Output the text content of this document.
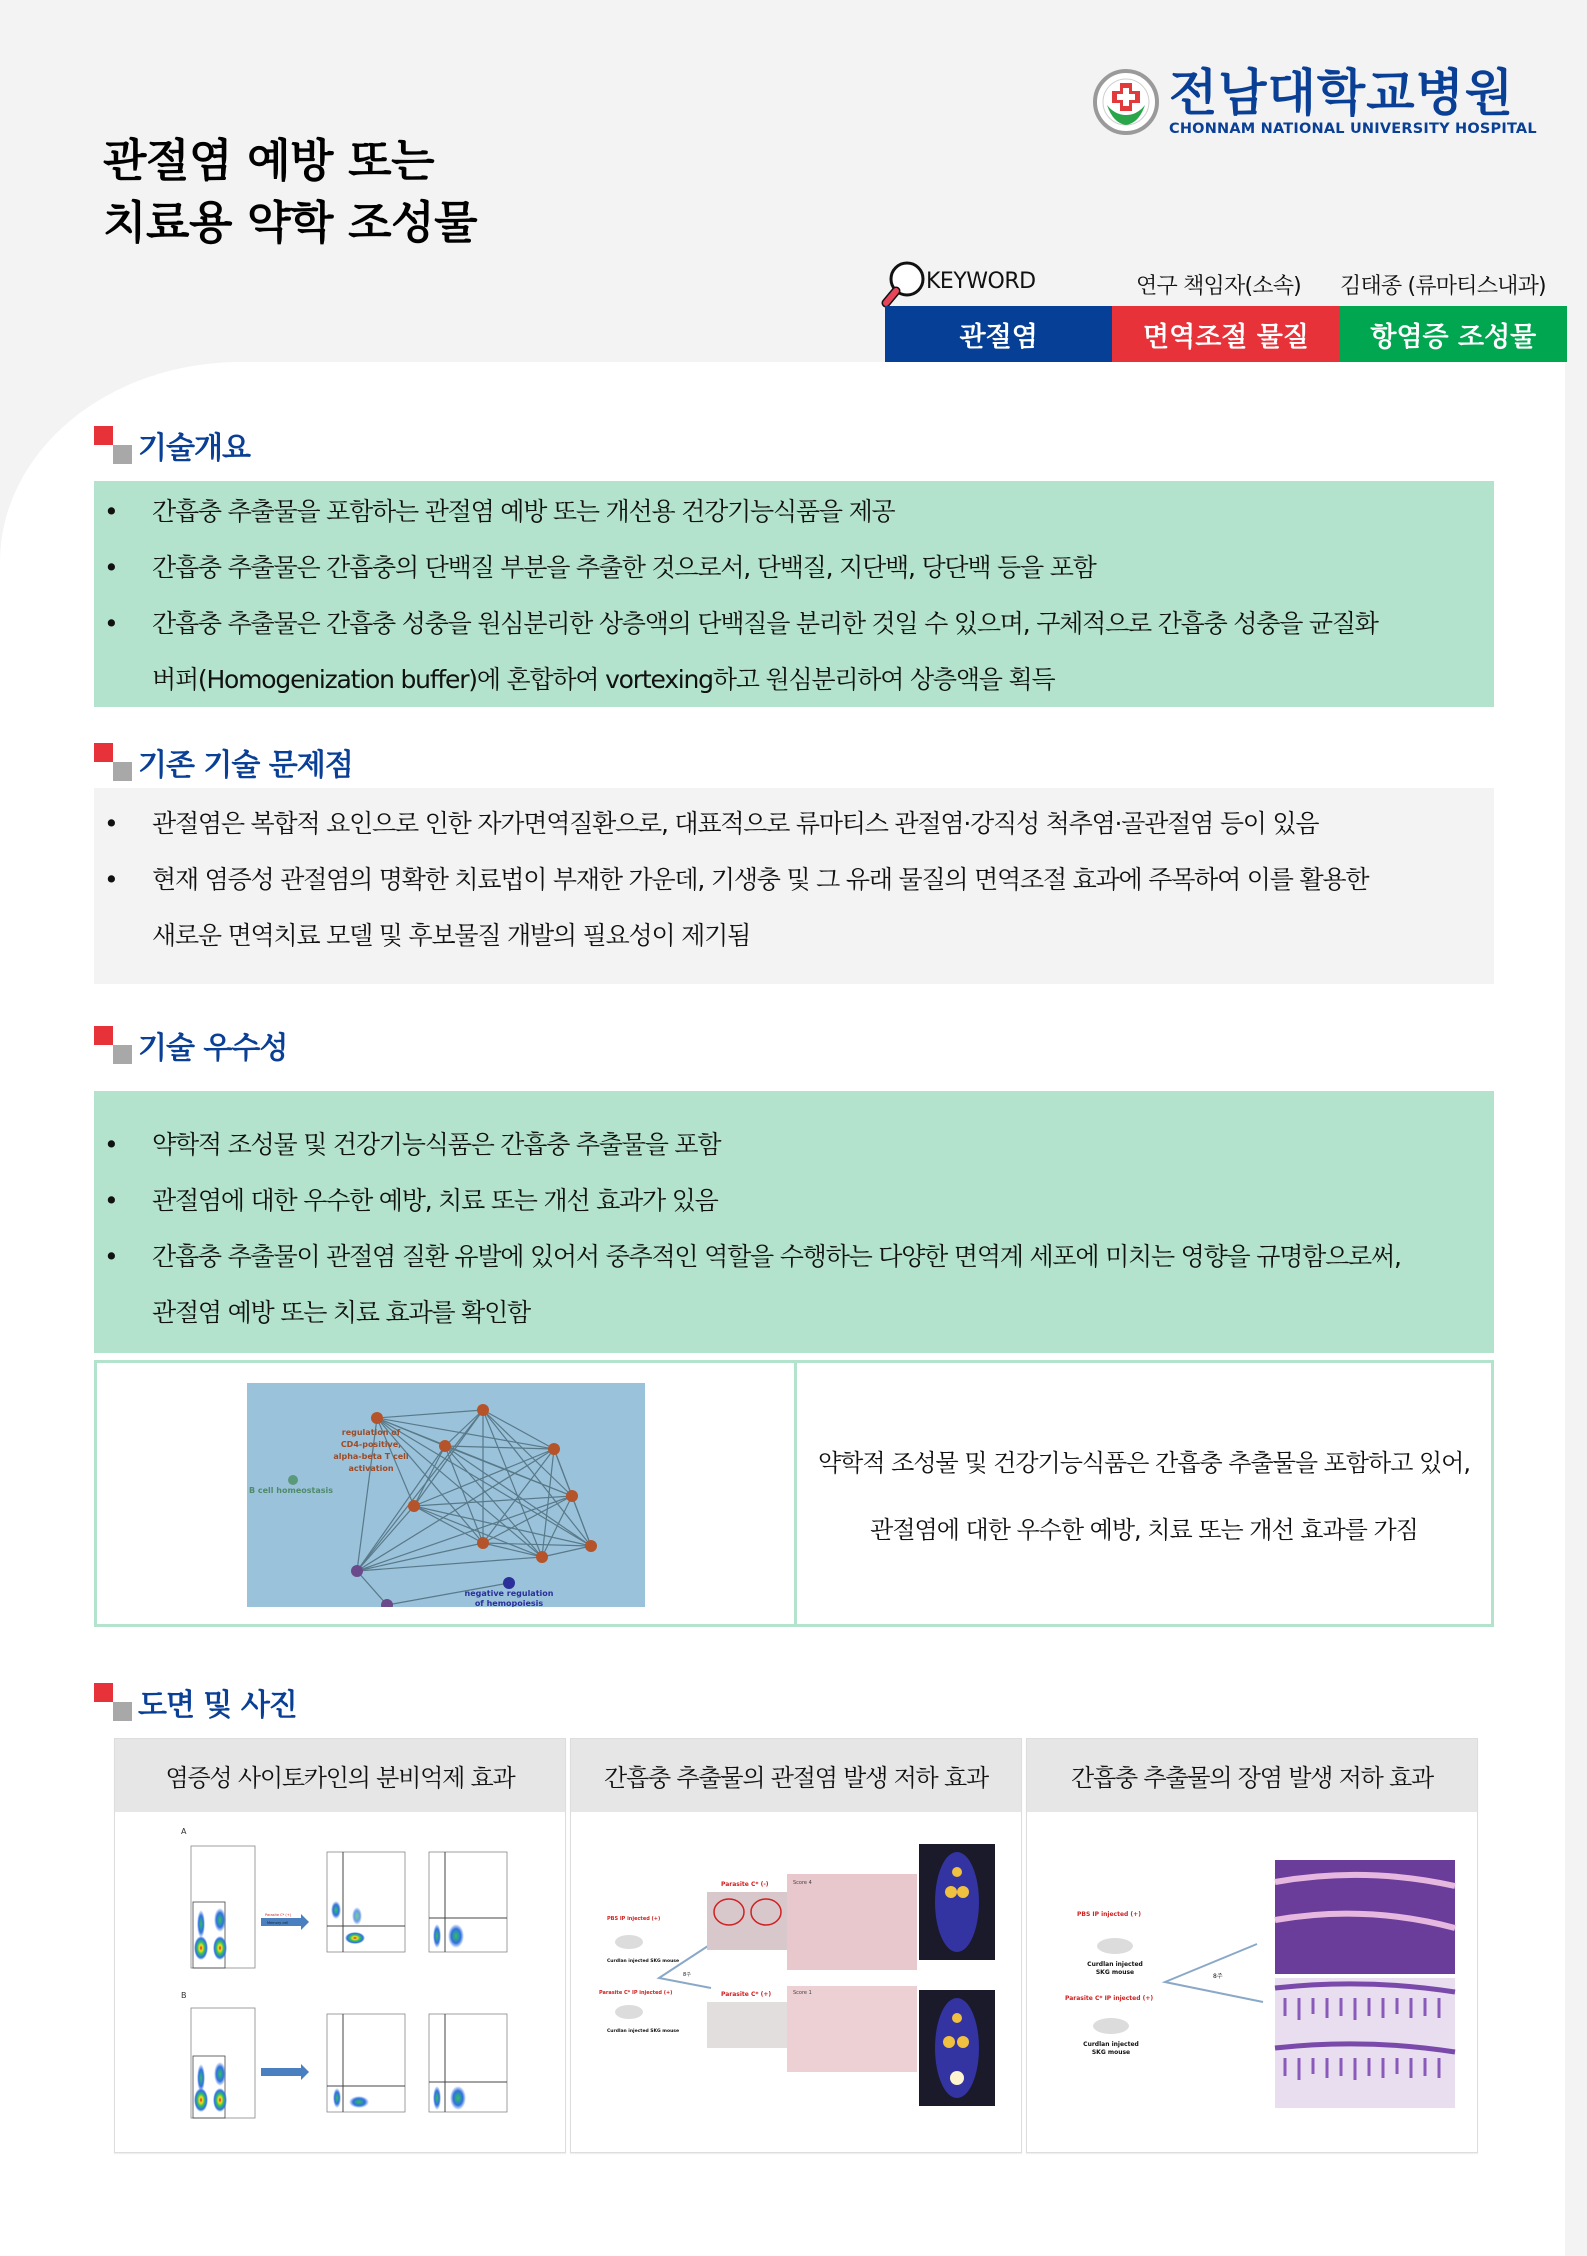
전남대학교병원
CHONNAM NATIONAL UNIVERSITY HOSPITAL
관절염 예방 또는
치료용 약학 조성물
KEYWORD	연구 책임자(소속) 김태종 (류마티스내과)
관절염	면역조절 물질	항염증 조성물
기술개요
• 간흡충 추출물을 포함하는 관절염 예방 또는 개선용 건강기능식품을 제공
• 간흡충 추출물은 간흡충의 단백질 부분을 추출한 것으로서, 단백질, 지단백, 당단백 등을 포함
• 간흡충 추출물은 간흡충 성충을 원심분리한 상층액의 단백질을 분리한 것일 수 있으며, 구체적으로 간흡충 성충을 균질화
버퍼(Homogenization buffer)에 혼합하여 vortexing하고 원심분리하여 상층액을 획득
기존 기술 문제점
• 관절염은 복합적 요인으로 인한 자가면역질환으로, 대표적으로 류마티스 관절염·강직성 척추염·골관절염 등이 있음
• 현재 염증성 관절염의 명확한 치료법이 부재한 가운데, 기생충 및 그 유래 물질의 면역조절 효과에 주목하여 이를 활용한
새로운 면역치료 모델 및 후보물질 개발의 필요성이 제기됨
기술 우수성
• 약학적 조성물 및 건강기능식품은 간흡충 추출물을 포함
• 관절염에 대한 우수한 예방, 치료 또는 개선 효과가 있음
• 간흡충 추출물이 관절염 질환 유발에 있어서 중추적인 역할을 수행하는 다양한 면역계 세포에 미치는 영향을 규명함으로써,
관절염 예방 또는 치료 효과를 확인함
regulation of
CD4-positive,
alpha-beta T cell
activation
B cell homeostasis
negative regulation
of hemopoiesis
약학적 조성물 및 건강기능식품은 간흡충 추출물을 포함하고 있어,
관절염에 대한 우수한 예방, 치료 또는 개선 효과를 가짐
도면 및 사진
염증성 사이토카인의 분비억제 효과
A
B
Parasite C* (+)
Memory cell
간흡충 추출물의 관절염 발생 저하 효과
PBS IP injected (+)
Parasite C* IP injected (+)
Curdlan injected SKG mouse
Curdlan injected SKG mouse
8주
Parasite C* (-)
Parasite C* (+)
Score 4
Score 1
간흡충 추출물의 장염 발생 저하 효과
PBS IP injected (+)
Parasite C* IP injected (+)
Curdlan injected
SKG mouse
Curdlan injected
SKG mouse
8주
